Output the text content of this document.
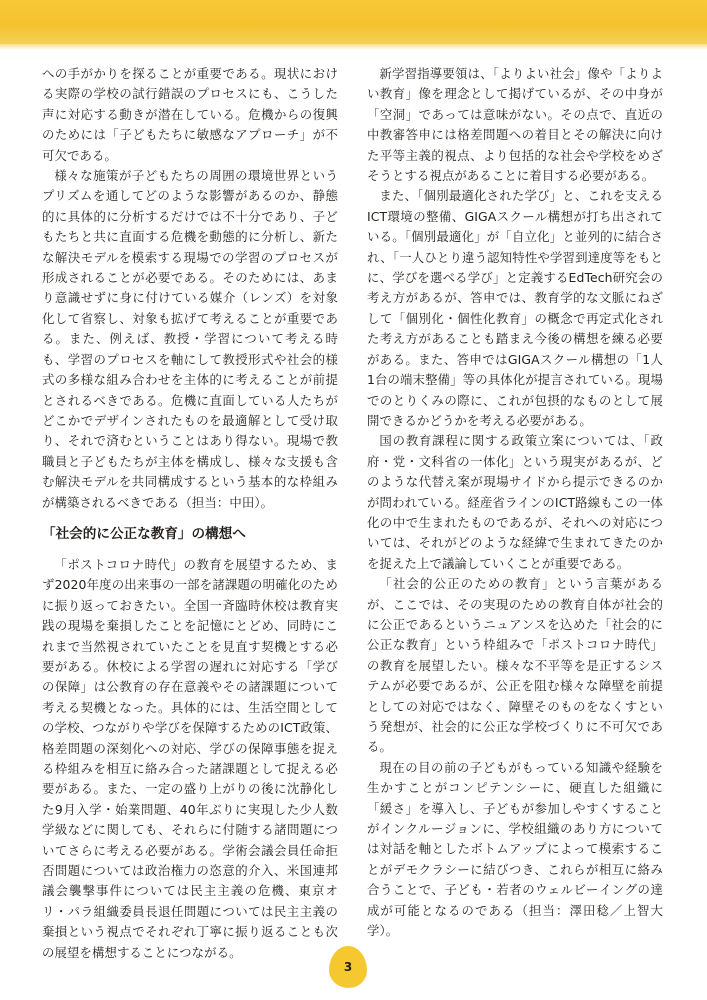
への手がかりを探ることが重要である。現状における実際の学校の試行錯誤のプロセスにも、こうした声に対応する動きが潜在している。危機からの復興のためには「子どもたちに敏感なアプローチ」が不可欠である。

様々な施策が子どもたちの周囲の環境世界というプリズムを通してどのような影響があるのか、静態的に具体的に分析するだけでは不十分であり、子どもたちと共に直面する危機を動態的に分析し、新たな解決モデルを模索する現場での学習のプロセスが形成されることが必要である。そのためには、あまり意識せずに身に付けている媒介（レンズ）を対象化して省察し、対象も拡げて考えることが重要である。また、例えば、教授・学習について考える時も、学習のプロセスを軸にして教授形式や社会的様式の多様な組み合わせを主体的に考えることが前提とされるべきである。危機に直面している人たちがどこかでデザインされたものを最適解として受け取り、それで済むということはあり得ない。現場で教職員と子どもたちが主体を構成し、様々な支援も含む解決モデルを共同構成するという基本的な枠組みが構築されるべきである（担当：中田）。

「社会的に公正な教育」の構想へ

「ポストコロナ時代」の教育を展望するため、まず2020年度の出来事の一部を諸課題の明確化のために振り返っておきたい。全国一斉臨時休校は教育実践の現場を棄損したことを記憶にとどめ、同時にこれまで当然視されていたことを見直す契機とする必要がある。休校による学習の遅れに対応する「学びの保障」は公教育の存在意義やその諸課題について考える契機となった。具体的には、生活空間としての学校、つながりや学びを保障するためのICT政策、格差問題の深刻化への対応、学びの保障事態を捉える枠組みを相互に絡み合った諸課題として捉える必要がある。また、一定の盛り上がりの後に沈静化した9月入学・始業問題、40年ぶりに実現した少人数学級などに関しても、それらに付随する諸問題についてさらに考える必要がある。学術会議会員任命拒否問題については政治権力の恣意的介入、米国連邦議会襲撃事件については民主主義の危機、東京オリ・パラ組織委員長退任問題については民主主義の棄損という視点でそれぞれ丁寧に振り返ることも次の展望を構想することにつながる。

新学習指導要領は、「よりよい社会」像や「よりよい教育」像を理念として掲げているが、その中身が「空洞」であっては意味がない。その点で、直近の中教審答申には格差問題への着目とその解決に向けた平等主義的視点、より包括的な社会や学校をめざそうとする視点があることに着目する必要がある。

また、「個別最適化された学び」と、これを支えるICT環境の整備、GIGAスクール構想が打ち出されている。「個別最適化」が「自立化」と並列的に結合され、「一人ひとり違う認知特性や学習到達度等をもとに、学びを選べる学び」と定義するEdTech研究会の考え方があるが、答申では、教育学的な文脈にねざして「個別化・個性化教育」の概念で再定式化された考え方があることも踏まえ今後の構想を練る必要がある。また、答申ではGIGAスクール構想の「1人1台の端末整備」等の具体化が提言されている。現場でのとりくみの際に、これが包摂的なものとして展開できるかどうかを考える必要がある。

国の教育課程に関する政策立案については、「政府・党・文科省の一体化」という現実があるが、どのような代替え案が現場サイドから提示できるのかが問われている。経産省ラインのICT路線もこの一体化の中で生まれたものであるが、それへの対応については、それがどのような経緯で生まれてきたのかを捉えた上で議論していくことが重要である。

「社会的公正のための教育」という言葉があるが、ここでは、その実現のための教育自体が社会的に公正であるというニュアンスを込めた「社会的に公正な教育」という枠組みで「ポストコロナ時代」の教育を展望したい。様々な不平等を是正するシステムが必要であるが、公正を阻む様々な障壁を前提としての対応ではなく、障壁そのものをなくすという発想が、社会的に公正な学校づくりに不可欠である。

現在の目の前の子どもがもっている知識や経験を生かすことがコンピテンシーに、硬直した組織に「緩さ」を導入し、子どもが参加しやすくすることがインクルージョンに、学校組織のあり方については対話を軸としたボトムアップによって模索することがデモクラシーに結びつき、これらが相互に絡み合うことで、子ども・若者のウェルビーイングの達成が可能となるのである（担当：澤田稔／上智大学）。

3
